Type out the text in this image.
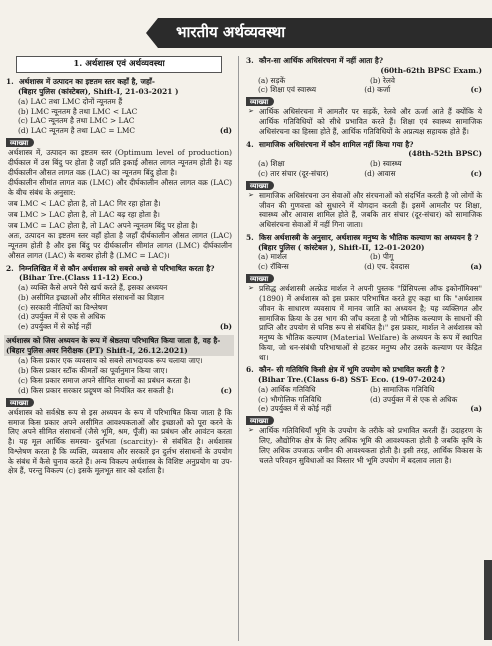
भारतीय अर्थव्यवस्था
1. अर्थशास्त्र एवं अर्थव्यवस्था
1. अर्थशास्त्र में उत्पादन का इष्टतम स्तर कहाँ है, जहाँ-
(बिहार पुलिस (कांस्टेबल), Shift-I, 21-03-2021 )
(a) LAC तथा LMC दोनों न्यूनतम हैं
(b) LMC न्यूनतम है तथा LMC < LAC
(c) LAC न्यूनतम है तथा LMC > LAC
(d) LAC न्यूनतम है तथा LAC = LMC	(d)
व्याख्या

अर्थशास्त्र में, उत्पादन का इष्टतम स्तर (Optimum level of production) दीर्घकाल में उस बिंदु पर होता है जहाँ प्रति इकाई औसत लागत न्यूनतम होती है। यह दीर्घकालीन औसत लागत वक्र (LAC) का न्यूनतम बिंदु होता है।

दीर्घकालीन सीमांत लागत वक्र (LMC) और दीर्घकालीन औसत लागत वक्र (LAC) के बीच संबंध के अनुसार:

जब LMC < LAC होता है, तो LAC गिर रहा होता है।

जब LMC > LAC होता है, तो LAC बढ़ रहा होता है।

जब LMC = LAC होता है, तो LAC अपने न्यूनतम बिंदु पर होता है।

अतः, उत्पादन का इष्टतम स्तर वहाँ होता है जहाँ दीर्घकालीन औसत लागत (LAC) न्यूनतम होती है और इस बिंदु पर दीर्घकालीन सीमांत लागत (LMC) दीर्घकालीन औसत लागत (LAC) के बराबर होती है (LMC = LAC)।

2. निम्नलिखित में से कौन अर्थशास्त्र को सबसे अच्छे से परिभाषित करता है? (Bihar Tre.(Class 11-12) Eco.)
(a) व्यक्ति कैसे अपने पैसे खर्च करते हैं, इसका अध्ययन
(b) असीमित इच्छाओं और सीमित संसाधनों का विज्ञान
(c) सरकारी नीतियों का विश्लेषण
(d) उपर्युक्त में से एक से अधिक
(e) उपर्युक्त में से कोई नहीं	(b)
अर्थशास्त्र को जिस अध्ययन के रूप में श्रेष्ठतया परिभाषित किया जाता है, वह है-
(बिहार पुलिस अवर निरीक्षक (PT) Shift-I, 26.12.2021)
(a) किस प्रकार एक व्यवसाय को सबसे लाभदायक रूप चलाया जाए।
(b) किस प्रकार स्टॉक कीमतों का पूर्वानुमान किया जाए।
(c) किस प्रकार समाज अपने सीमित साधनों का प्रबंधन करता है।
(d) किस प्रकार सरकार प्रदूषण को नियंत्रित कर सकती है।	(c)
व्याख्या
अर्थशास्त्र को सर्वश्रेष्ठ रूप से इस अध्ययन के रूप में परिभाषित किया जाता है कि समाज किस प्रकार अपने असीमित आवश्यकताओं और इच्छाओं को पूरा करने के लिए अपने सीमित संसाधनों (जैसे भूमि, श्रम, पूँजी) का प्रबंधन और आवंटन करता है। यह मूल आर्थिक समस्या- दुर्लभता (scarcity)- से संबंधित है। अर्थशास्त्र विश्लेषण करता है कि व्यक्ति, व्यवसाय और सरकारें इन दुर्लभ संसाधनों के उपयोग के संबंध में कैसे चुनाव करते हैं। अन्य विकल्प अर्थशास्त्र के विशिष्ट अनुप्रयोग या उप-क्षेत्र हैं, परन्तु विकल्प (c) इसके मूलभूत सार को दर्शाता है।
3. कौन-सा आर्थिक अधिसंरचना में नहीं आता है?
(60th-62th BPSC Exam.)
(a) सड़कें	(b) रेलवे
(c) शिक्षा एवं स्वास्थ्य	(d) कर्जा	(c)
व्याख्या
➢ आर्थिक अधिसंरचना में आमतौर पर सड़कें, रेलवे और ऊर्जा आते हैं क्योंकि ये आर्थिक गतिविधियों को सीधे प्रभावित करते हैं। शिक्षा एवं स्वास्थ्य सामाजिक अधिसंरचना का हिस्सा होते हैं, आर्थिक गतिविधियों के अप्रत्यक्ष सहायक होते हैं।
4. सामाजिक अधिसंरचना में कौन शामिल नहीं किया गया है?
(48th-52th BPSC)
(a) शिक्षा	(b) स्वास्थ्य
(c) तार संचार (दूर-संचार)	(d) आवास	(c)
व्याख्या
➢ सामाजिक अधिसंरचना उन सेवाओं और संरचनाओं को संदर्भित करती है जो लोगों के जीवन की गुणवत्ता को सुधारने में योगदान करती हैं। इसमें आमतौर पर शिक्षा, स्वास्थ्य और आवास शामिल होते हैं, जबकि तार संचार (दूर-संचार) को सामाजिक अधिसंरचना सेवाओं में नहीं गिना जाता।
5. किस अर्थशास्त्री के अनुसार, अर्थशास्त्र मनुष्य के भौतिक कल्याण का अध्ययन है ?
(बिहार पुलिस ( कांस्टेबल ), Shift-II, 12-01-2020)
(a) मार्शल	(b) पीगू
(c) रॉबिन्स	(d) एच. देवदास	(a)
व्याख्या
➢ प्रसिद्ध अर्थशास्त्री अल्फ्रेड मार्शल ने अपनी पुस्तक "प्रिंसिपल्स ऑफ इकोनॉमिक्स" (1890) में अर्थशास्त्र को इस प्रकार परिभाषित करते हुए कहा था कि "अर्थशास्त्र जीवन के साधारण व्यवसाय में मानव जाति का अध्ययन है; यह व्यक्तिगत और सामाजिक क्रिया के उस भाग की जाँच करता है जो भौतिक कल्याण के साधनों की प्राप्ति और उपयोग से घनिष्ठ रूप से संबंधित है।" इस प्रकार, मार्शल ने अर्थशास्त्र को मनुष्य के भौतिक कल्याण (Material Welfare) के अध्ययन के रूप में स्थापित किया, जो धन-संबंधी परिभाषाओं से हटकर मनुष्य और उसके कल्याण पर केंद्रित था।
6. कौन- सी गतिविधि किसी क्षेत्र में भूमि उपयोग को प्रभावित करती है ?
(Bihar Tre.(Class 6-8) SST- Eco. (19-07-2024)
(a) आर्थिक गतिविधि	(b) सामाजिक गतिविधि
(c) भौगोलिक गतिविधि	(d) उपर्युक्त में से एक से अधिक
(e) उपर्युक्त में से कोई नहीं	(a)
व्याख्या
➢ आर्थिक गतिविधियाँ भूमि के उपयोग के तरीके को प्रभावित करती हैं। उदाहरण के लिए, औद्योगिक क्षेत्र के लिए अधिक भूमि की आवश्यकता होती है जबकि कृषि के लिए अधिक उपजाऊ जमीन की आवश्यकता होती है। इसी तरह, आर्थिक विकास के चलते परिवहन सुविधाओं का विस्तार भी भूमि उपयोग में बदलाव लाता है।
